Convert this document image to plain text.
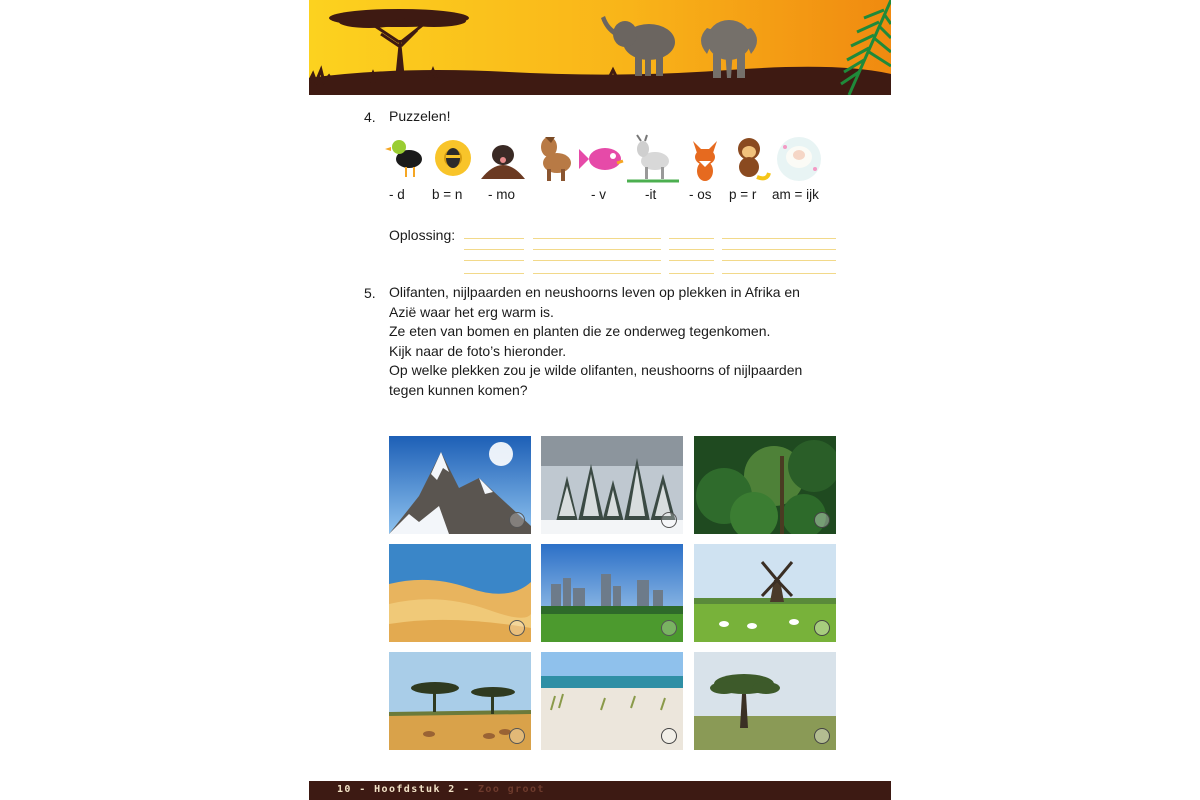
4. Puzzelen!
- d b = n - mo	- v	-it - os p = r am = ijk
Oplossing:
5. Olifanten, nijlpaarden en neushoorns leven op plekken in Afrika en
Azië waar het erg warm is.
Ze eten van bomen en planten die ze onderweg tegenkomen.
Kijk naar de foto’s hieronder.
Op welke plekken zou je wilde olifanten, neushoorns of nijlpaarden
tegen kunnen komen?
10 - Hoofdstuk 2 - Zoo groot
